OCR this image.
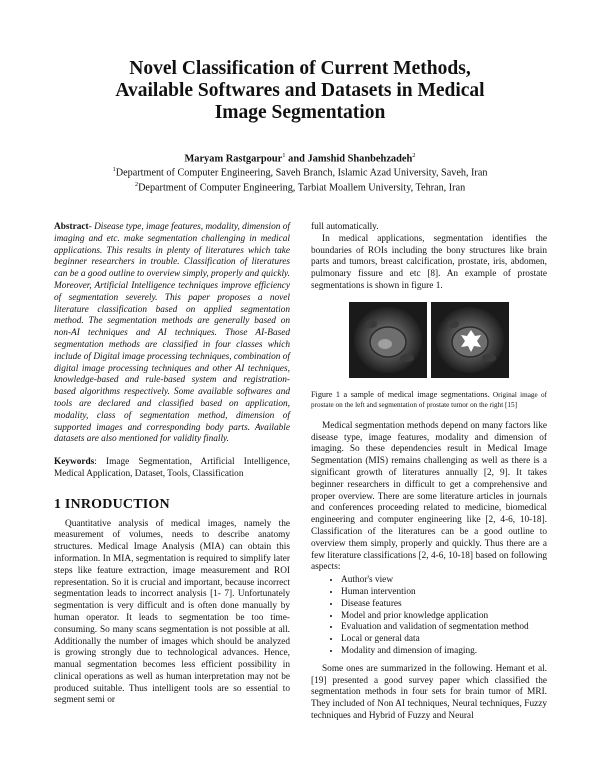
Novel Classification of Current Methods,
Available Softwares and Datasets in Medical
Image Segmentation
Maryam Rastgarpour$^1$ and Jamshid Shanbehzadeh$^2$
$^1$Department of Computer Engineering, Saveh Branch, Islamic Azad University, Saveh, Iran
$^2$Department of Computer Engineering, Tarbiat Moallem University, Tehran, Iran

Abstract- Disease type, image features, modality, dimension of imaging and etc. make segmentation challenging in medical applications. This results in plenty of literatures which take beginner researchers in trouble. Classification of literatures can be a good outline to overview simply, properly and quickly. Moreover, Artificial Intelligence techniques improve efficiency of segmentation severely. This paper proposes a novel literature classification based on applied segmentation method. The segmentation methods are generally based on non-AI techniques and AI techniques. Those AI-Based segmentation methods are classified in four classes which include of Digital image processing techniques, combination of digital image processing techniques and other AI techniques, knowledge-based and rule-based system and registration-based algorithms respectively. Some available softwares and tools are declared and classified based on application, modality, class of segmentation method, dimension of supported images and corresponding body parts. Available datasets are also mentioned for validity finally.

Keywords: Image Segmentation, Artificial Intelligence, Medical Application, Dataset, Tools, Classification

1 INRODUCTION

Quantitative analysis of medical images, namely the measurement of volumes, needs to describe anatomy structures. Medical Image Analysis (MIA) can obtain this information. In MIA, segmentation is required to simplify later steps like feature extraction, image measurement and ROI representation. So it is crucial and important, because incorrect segmentation leads to incorrect analysis [1- 7]. Unfortunately segmentation is very difficult and is often done manually by human operator. It leads to segmentation be too time-consuming. So many scans segmentation is not possible at all. Additionally the number of images which should be analyzed is growing strongly due to technological advances. Hence, manual segmentation becomes less efficient possibility in clinical operations as well as human interpretation may not be produced suitable. Thus intelligent tools are so essential to segment semi or

full automatically.

In medical applications, segmentation identifies the boundaries of ROIs including the bony structures like brain parts and tumors, breast calcification, prostate, iris, abdomen, pulmonary fissure and etc [8]. An example of prostate segmentations is shown in figure 1.

Figure 1 a sample of medical image segmentations. Original image of prostate on the left and segmentation of prostate tumor on the right [15]

Medical segmentation methods depend on many factors like disease type, image features, modality and dimension of imaging. So these dependencies result in Medical Image Segmentation (MIS) remains challenging as well as there is a significant growth of literatures annually [2, 9]. It takes beginner researchers in difficult to get a comprehensive and proper overview. There are some literature articles in journals and conferences proceeding related to medicine, biomedical engineering and computer engineering like [2, 4-6, 10-18]. Classification of the literatures can be a good outline to overview them simply, properly and quickly. Thus there are a few literature classifications [2, 4-6, 10-18] based on following aspects:

• Author's view
• Human intervention
• Disease features
• Model and prior knowledge application
• Evaluation and validation of segmentation method
• Local or general data
• Modality and dimension of imaging.

Some ones are summarized in the following. Hemant et al. [19] presented a good survey paper which classified the segmentation methods in four sets for brain tumor of MRI. They included of Non AI techniques, Neural techniques, Fuzzy techniques and Hybrid of Fuzzy and Neural
